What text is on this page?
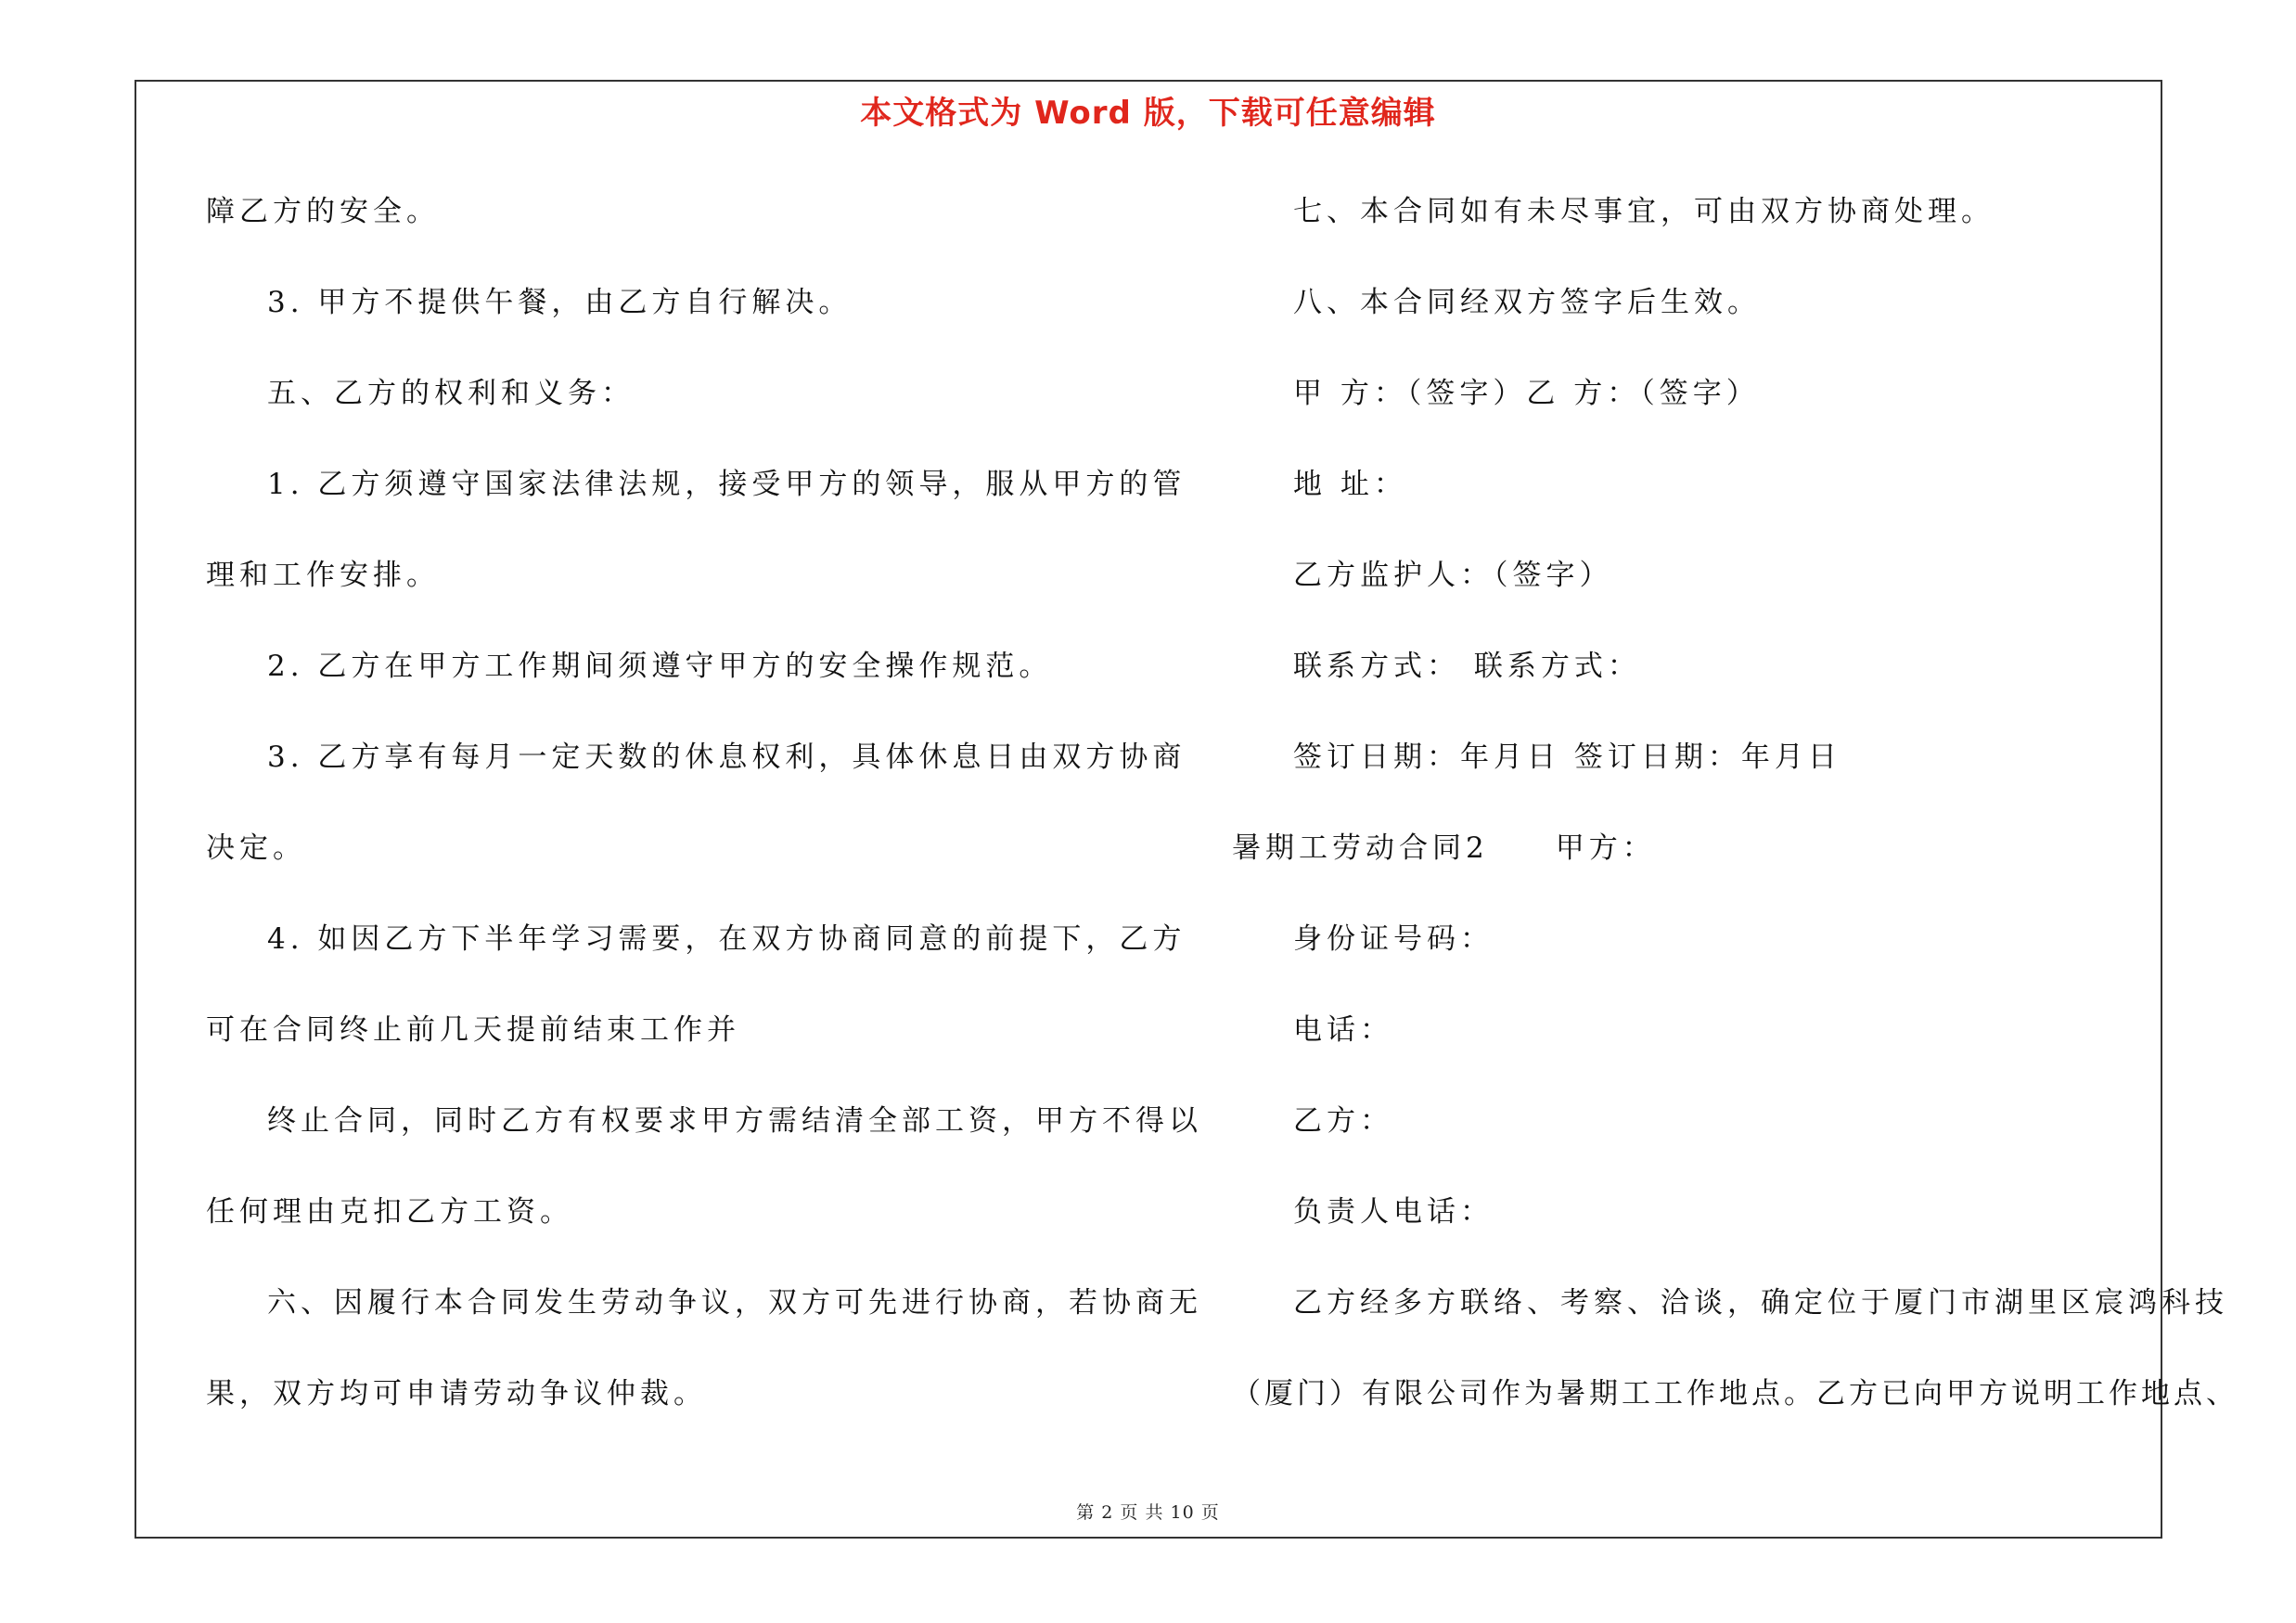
本文格式为 Word 版，下载可任意编辑
障乙方的安全。
3. 甲方不提供午餐，由乙方自行解决。
五、乙方的权利和义务：
1. 乙方须遵守国家法律法规，接受甲方的领导，服从甲方的管
理和工作安排。
2. 乙方在甲方工作期间须遵守甲方的安全操作规范。
3. 乙方享有每月一定天数的休息权利，具体休息日由双方协商
决定。
4. 如因乙方下半年学习需要，在双方协商同意的前提下，乙方
可在合同终止前几天提前结束工作并
终止合同，同时乙方有权要求甲方需结清全部工资，甲方不得以
任何理由克扣乙方工资。
六、因履行本合同发生劳动争议，双方可先进行协商，若协商无
果，双方均可申请劳动争议仲裁。
七、本合同如有未尽事宜，可由双方协商处理。
八、本合同经双方签字后生效。
甲 方：（签字）乙 方：（签字）
地 址：
乙方监护人：（签字）
联系方式： 联系方式：
签订日期：年月日 签订日期：年月日
暑期工劳动合同2　　甲方：
身份证号码：
电话：
乙方：
负责人电话：
乙方经多方联络、考察、洽谈，确定位于厦门市湖里区宸鸿科技
（厦门）有限公司作为暑期工工作地点。乙方已向甲方说明工作地点、
第 2 页 共 10 页
